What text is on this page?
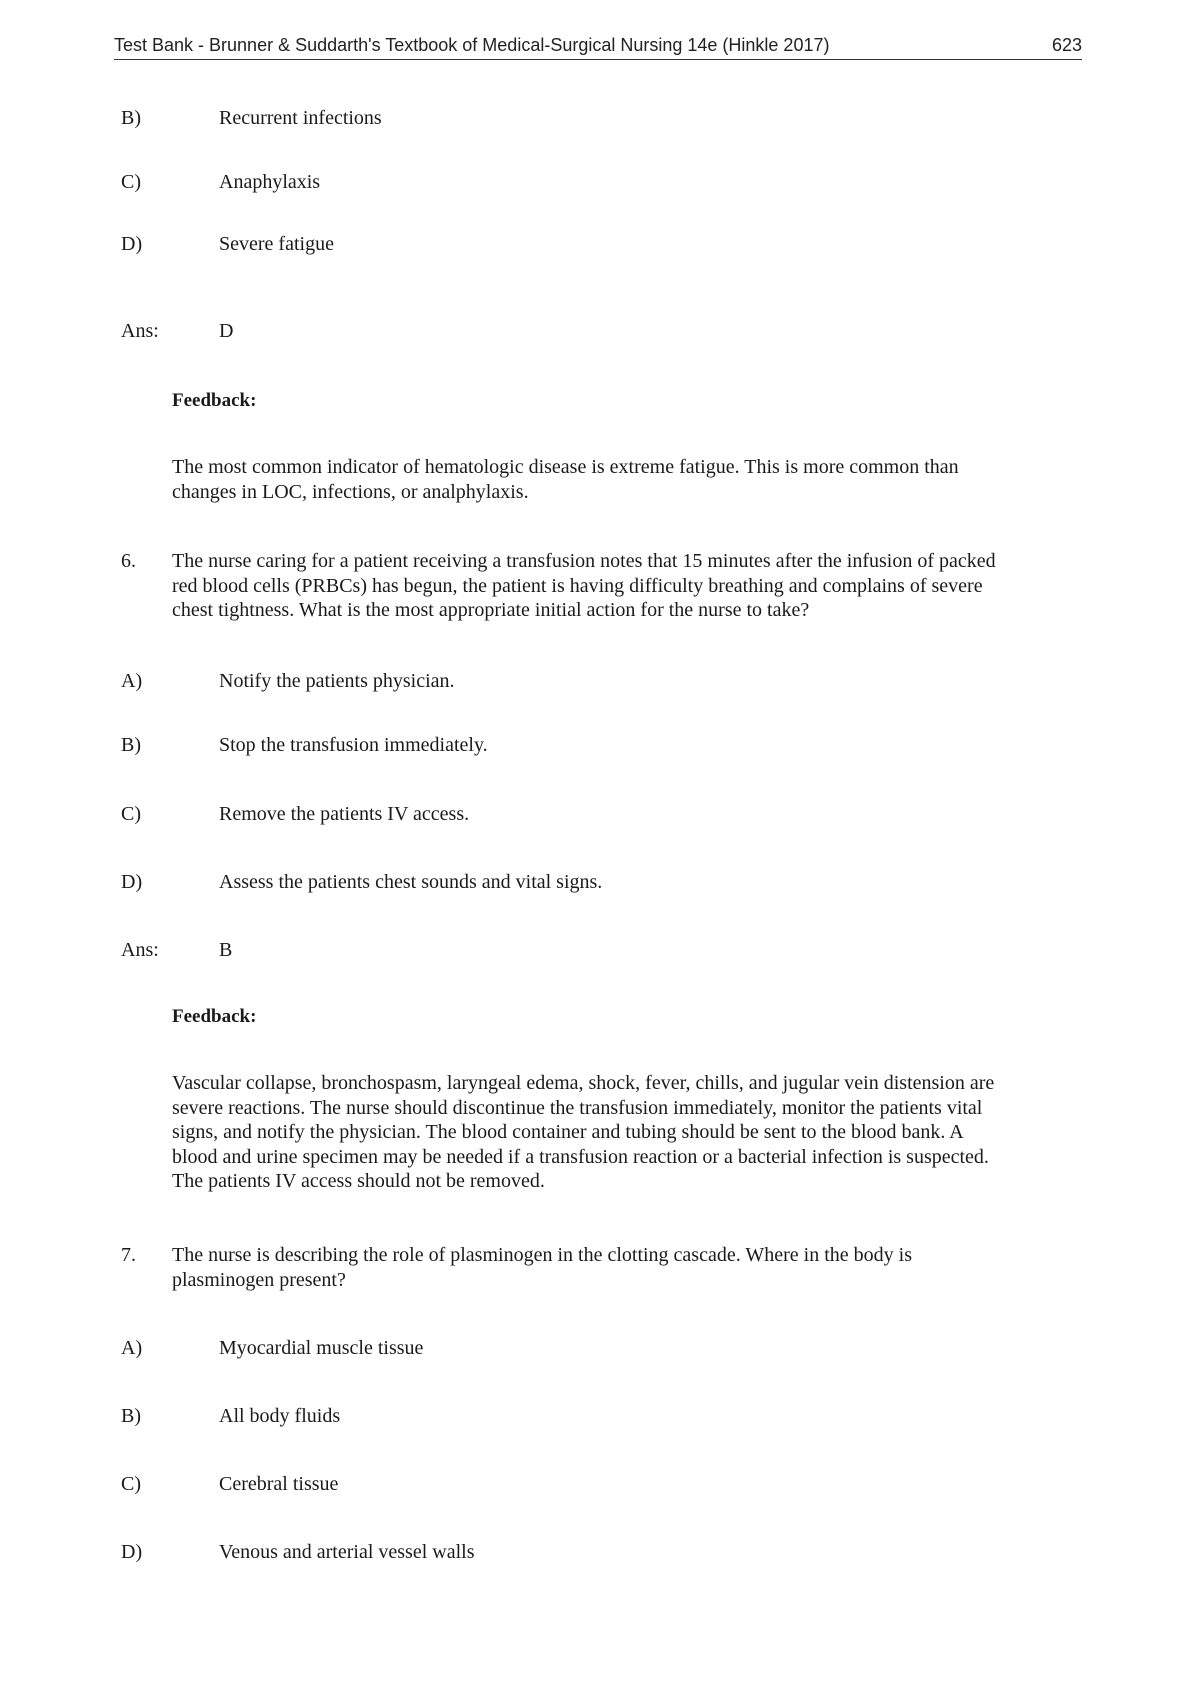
Test Bank - Brunner & Suddarth's Textbook of Medical-Surgical Nursing 14e (Hinkle 2017)	623
B)	Recurrent infections
C)	Anaphylaxis
D)	Severe fatigue
Ans:	D
Feedback:
The most common indicator of hematologic disease is extreme fatigue. This is more common than
changes in LOC, infections, or analphylaxis.
6. The nurse caring for a patient receiving a transfusion notes that 15 minutes after the infusion of packed
red blood cells (PRBCs) has begun, the patient is having difficulty breathing and complains of severe
chest tightness. What is the most appropriate initial action for the nurse to take?
A)	Notify the patients physician.
B)	Stop the transfusion immediately.
C)	Remove the patients IV access.
D)	Assess the patients chest sounds and vital signs.
Ans:	B
Feedback:
Vascular collapse, bronchospasm, laryngeal edema, shock, fever, chills, and jugular vein distension are
severe reactions. The nurse should discontinue the transfusion immediately, monitor the patients vital
signs, and notify the physician. The blood container and tubing should be sent to the blood bank. A
blood and urine specimen may be needed if a transfusion reaction or a bacterial infection is suspected.
The patients IV access should not be removed.
7. The nurse is describing the role of plasminogen in the clotting cascade. Where in the body is
plasminogen present?
A)	Myocardial muscle tissue
B)	All body fluids
C)	Cerebral tissue
D)	Venous and arterial vessel walls
